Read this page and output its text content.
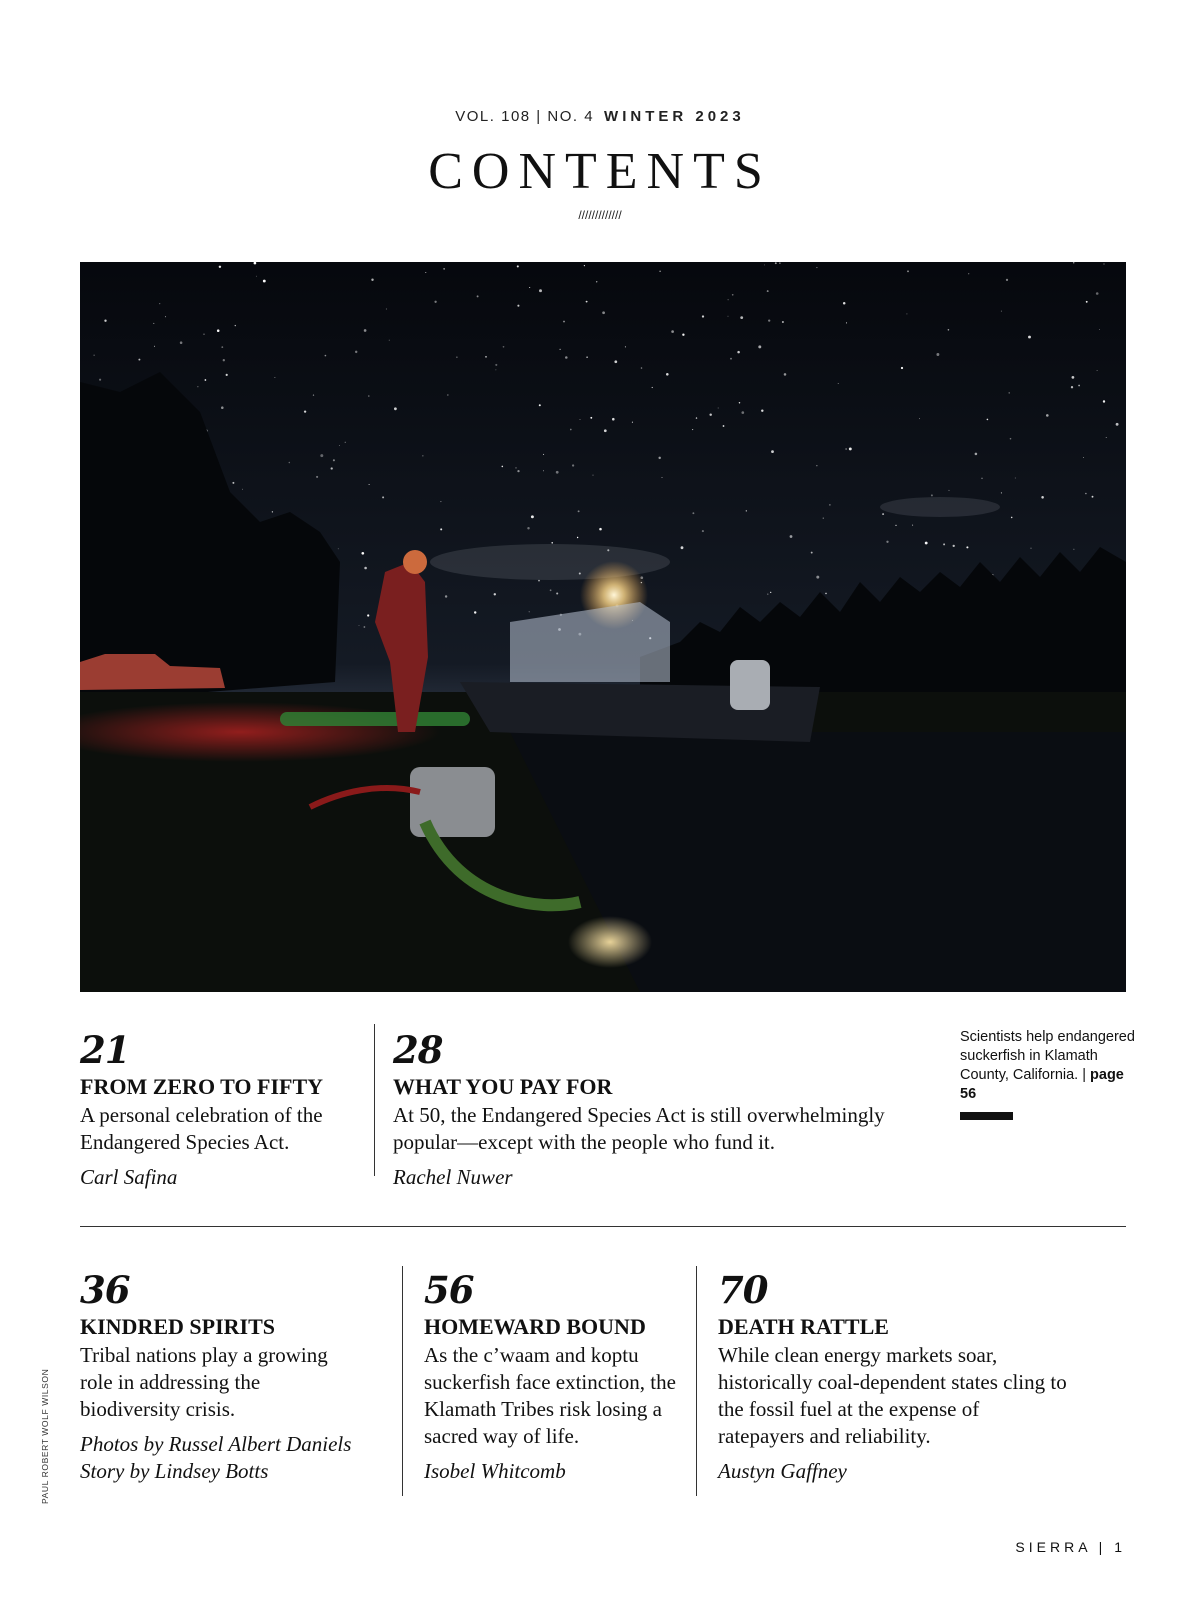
VOL. 108 | NO. 4 WINTER 2023
CONTENTS
/////////////
21
FROM ZERO TO FIFTY
A personal celebration of the Endangered Species Act.
Carl Safina
28
WHAT YOU PAY FOR
At 50, the Endangered Species Act is still overwhelmingly popular—except with the people who fund it.
Rachel Nuwer
Scientists help endangered suckerfish in Klamath County, California. | page 56
36
KINDRED SPIRITS
Tribal nations play a growing role in addressing the biodiversity crisis.
Photos by Russel Albert Daniels
Story by Lindsey Botts
56
HOMEWARD BOUND
As the c’waam and koptu suckerfish face extinction, the Klamath Tribes risk losing a sacred way of life.
Isobel Whitcomb
70
DEATH RATTLE
While clean energy markets soar, historically coal-dependent states cling to the fossil fuel at the expense of ratepayers and reliability.
Austyn Gaffney
PAUL ROBERT WOLF WILSON
SIERRA | 1
